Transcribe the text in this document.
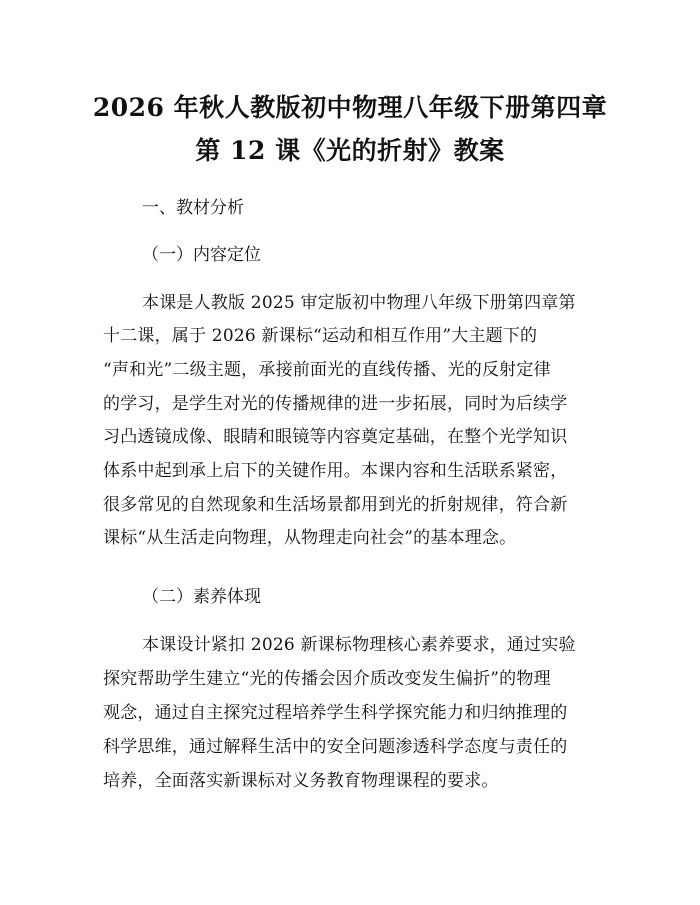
2026 年秋人教版初中物理八年级下册第四章
第 12 课《光的折射》教案
一、教材分析
（一）内容定位
本课是人教版 2025 审定版初中物理八年级下册第四章第
十二课，属于 2026 新课标“运动和相互作用”大主题下的
“声和光”二级主题，承接前面光的直线传播、光的反射定律
的学习，是学生对光的传播规律的进一步拓展，同时为后续学
习凸透镜成像、眼睛和眼镜等内容奠定基础，在整个光学知识
体系中起到承上启下的关键作用。本课内容和生活联系紧密，
很多常见的自然现象和生活场景都用到光的折射规律，符合新
课标“从生活走向物理，从物理走向社会”的基本理念。
（二）素养体现
本课设计紧扣 2026 新课标物理核心素养要求，通过实验
探究帮助学生建立“光的传播会因介质改变发生偏折”的物理
观念，通过自主探究过程培养学生科学探究能力和归纳推理的
科学思维，通过解释生活中的安全问题渗透科学态度与责任的
培养，全面落实新课标对义务教育物理课程的要求。
